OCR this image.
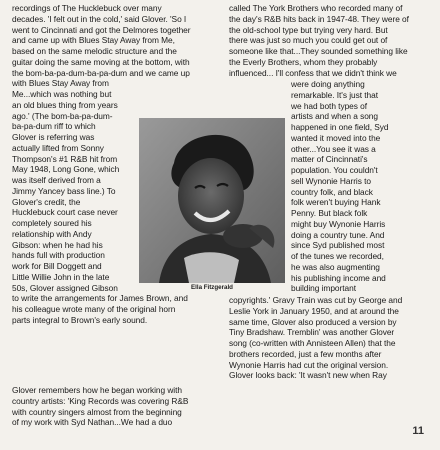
recordings of The Hucklebuck over many
decades. 'I felt out in the cold,' said Glover. 'So I
went to Cincinnati and got the Delmores together
and came up with Blues Stay Away from Me,
based on the same melodic structure and the
guitar doing the same moving at the bottom, with
the bom-ba-pa-dum-ba-pa-dum and we came up
with Blues Stay Away from
Me...which was nothing but
an old blues thing from years
ago.' (The bom-ba-pa-dum-
ba-pa-dum riff to which
Glover is referring was
actually lifted from Sonny
Thompson's #1 R&B hit from
May 1948, Long Gone, which
was itself derived from a
Jimmy Yancey bass line.) To
Glover's credit, the
Hucklebuck court case never
completely soured his
relationship with Andy
Gibson: when he had his
hands full with production
work for Bill Doggett and
Little Willie John in the late
50s, Glover assigned Gibson
to write the arrangements for James Brown, and
his colleague wrote many of the original horn
parts integral to Brown's early sound.
Glover remembers how he began working with
country artists: 'King Records was covering R&B
with country singers almost from the beginning
of my work with Syd Nathan...We had a duo
called The York Brothers who recorded many of
the day's R&B hits back in 1947-48. They were of
the old-school type but trying very hard. But
there was just so much you could get out of
someone like that...They sounded something like
the Everly Brothers, whom they probably
influenced... I'll confess that we didn't think we
were doing anything
remarkable. It's just that
we had both types of
artists and when a song
happened in one field, Syd
wanted it moved into the
other...You see it was a
matter of Cincinnati's
population. You couldn't
sell Wynonie Harris to
country folk, and black
folk weren't buying Hank
Penny. But black folk
might buy Wynonie Harris
doing a country tune. And
since Syd published most
of the tunes we recorded,
he was also augmenting
his publishing income and
building important
copyrights.' Gravy Train was cut by George and
Leslie York in January 1950, and at around the
same time, Glover also produced a version by
Tiny Bradshaw. Tremblin' was another Glover
song (co-written with Annisteen Allen) that the
brothers recorded, just a few months after
Wynonie Harris had cut the original version.
Glover looks back: 'It wasn't new when Ray
Ella Fitzgerald
11
